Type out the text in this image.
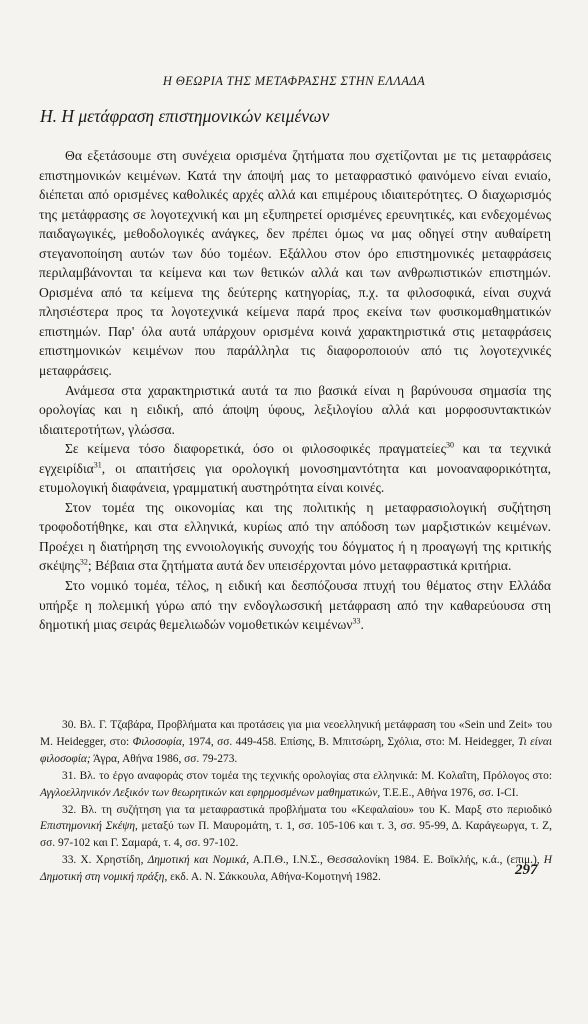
Η ΘΕΩΡΙΑ ΤΗΣ ΜΕΤΑΦΡΑΣΗΣ ΣΤΗΝ ΕΛΛΑΔΑ
Η. Η μετάφραση επιστημονικών κειμένων

Θα εξετάσουμε στη συνέχεια ορισμένα ζητήματα που σχετίζονται με τις μεταφράσεις επιστημονικών κειμένων. Κατά την άποψή μας το μεταφραστικό φαινόμενο είναι ενιαίο, διέπεται από ορισμένες καθολικές αρχές αλλά και επιμέρους ιδιαιτερότητες. Ο διαχωρισμός της μετάφρασης σε λογοτεχνική και μη εξυπηρετεί ορισμένες ερευνητικές, και ενδεχομένως παιδαγωγικές, μεθοδολογικές ανάγκες, δεν πρέπει όμως να μας οδηγεί στην αυθαίρετη στεγανοποίηση αυτών των δύο τομέων. Εξάλλου στον όρο επιστημονικές μεταφράσεις περιλαμβάνονται τα κείμενα και των θετικών αλλά και των ανθρωπιστικών επιστημών. Ορισμένα από τα κείμενα της δεύτερης κατηγορίας, π.χ. τα φιλοσοφικά, είναι συχνά πλησιέστερα προς τα λογοτεχνικά κείμενα παρά προς εκείνα των φυσικομαθηματικών επιστημών. Παρ' όλα αυτά υπάρχουν ορισμένα κοινά χαρακτηριστικά στις μεταφράσεις επιστημονικών κειμένων που παράλληλα τις διαφοροποιούν από τις λογοτεχνικές μεταφράσεις.

Ανάμεσα στα χαρακτηριστικά αυτά τα πιο βασικά είναι η βαρύνουσα σημασία της ορολογίας και η ειδική, από άποψη ύφους, λεξιλογίου αλλά και μορφοσυντακτικών ιδιαιτεροτήτων, γλώσσα.

Σε κείμενα τόσο διαφορετικά, όσο οι φιλοσοφικές πραγματείες$^{30}$ και τα τεχνικά εγχειρίδια$^{31}$, οι απαιτήσεις για ορολογική μονοσημαντότητα και μονοαναφορικότητα, ετυμολογική διαφάνεια, γραμματική αυστηρότητα είναι κοινές.

Στον τομέα της οικονομίας και της πολιτικής η μεταφρασιολογική συζήτηση τροφοδοτήθηκε, και στα ελληνικά, κυρίως από την απόδοση των μαρξιστικών κειμένων. Προέχει η διατήρηση της εννοιολογικής συνοχής του δόγματος ή η προαγωγή της κριτικής σκέψης$^{32}$; Βέβαια στα ζητήματα αυτά δεν υπεισέρχονται μόνο μεταφραστικά κριτήρια.

Στο νομικό τομέα, τέλος, η ειδική και δεσπόζουσα πτυχή του θέματος στην Ελλάδα υπήρξε η πολεμική γύρω από την ενδογλωσσική μετάφραση από την καθαρεύουσα στη δημοτική μιας σειράς θεμελιωδών νομοθετικών κειμένων$^{33}$.

30. Βλ. Γ. Τζαβάρα, Προβλήματα και προτάσεις για μια νεοελληνική μετάφραση του «Sein und Zeit» του M. Heidegger, στο: Φιλοσοφία, 1974, σσ. 449-458. Επίσης, Β. Μπιτσώρη, Σχόλια, στο: M. Heidegger, Τι είναι φιλοσοφία; Άγρα, Αθήνα 1986, σσ. 79-273.

31. Βλ. το έργο αναφοράς στον τομέα της τεχνικής ορολογίας στα ελληνικά: Μ. Κολαΐτη, Πρόλογος στο: Αγγλοελληνικόν Λεξικόν των θεωρητικών και εφηρμοσμένων μαθηματικών, Τ.Ε.Ε., Αθήνα 1976, σσ. I-CI.

32. Βλ. τη συζήτηση για τα μεταφραστικά προβλήματα του «Κεφαλαίου» του Κ. Μαρξ στο περιοδικό Επιστημονική Σκέψη, μεταξύ των Π. Μαυρομάτη, τ. 1, σσ. 105-106 και τ. 3, σσ. 95-99, Δ. Καράγεωργα, τ. Ζ, σσ. 97-102 και Γ. Σαμαρά, τ. 4, σσ. 97-102.

33. Χ. Χρηστίδη, Δημοτική και Νομικά, Α.Π.Θ., Ι.Ν.Σ., Θεσσαλονίκη 1984. Ε. Βοϊκλής, κ.ά., (επιμ.), Η Δημοτική στη νομική πράξη, εκδ. Α. Ν. Σάκκουλα, Αθήνα-Κομοτηνή 1982.	297
